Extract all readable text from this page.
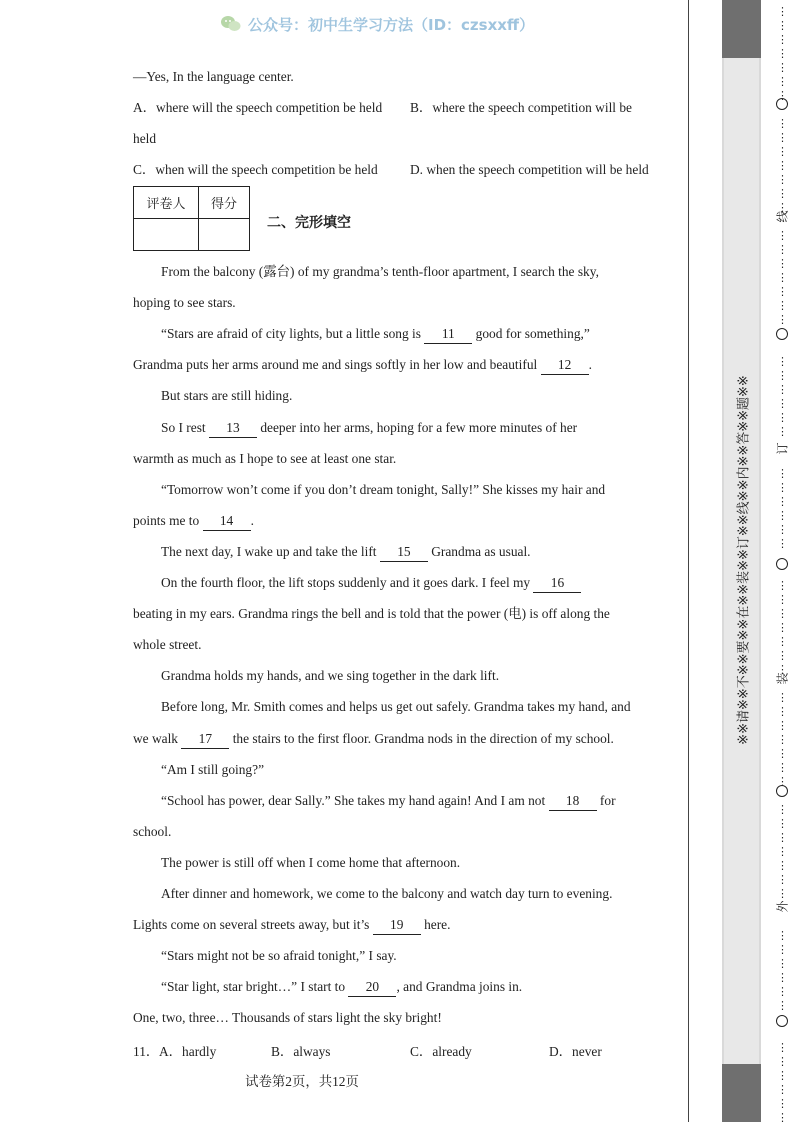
公众号：初中生学习方法（ID：czsxxff）
—Yes, In the language center.
A．where will the speech competition be held B．where the speech competition will be
held
C．when will the speech competition be held D. when the speech competition will be held
评卷人	得分

二、完形填空
From the balcony (露台) of my grandma’s tenth-floor apartment, I search the sky,
hoping to see stars.
“Stars are afraid of city lights, but a little song is 11 good for something,”
Grandma puts her arms around me and sings softly in her low and beautiful 12 .
But stars are still hiding.
So I rest 13 deeper into her arms, hoping for a few more minutes of her
warmth as much as I hope to see at least one star.
“Tomorrow won’t come if you don’t dream tonight, Sally!” She kisses my hair and
points me to 14 .
The next day, I wake up and take the lift 15 Grandma as usual.
On the fourth floor, the lift stops suddenly and it goes dark. I feel my 16
beating in my ears. Grandma rings the bell and is told that the power (电) is off along the
whole street.
Grandma holds my hands, and we sing together in the dark lift.
Before long, Mr. Smith comes and helps us get out safely. Grandma takes my hand, and
we walk 17 the stairs to the first floor. Grandma nods in the direction of my school.
“Am I still going?”
“School has power, dear Sally.” She takes my hand again! And I am not 18 for
school.
The power is still off when I come home that afternoon.
After dinner and homework, we come to the balcony and watch day turn to evening.
Lights come on several streets away, but it’s 19 here.
“Stars might not be so afraid tonight,” I say.
“Star light, star bright…” I start to 20 , and Grandma joins in.
One, two, three… Thousands of stars light the sky bright!
11． A．hardly	B．always	C．already	D．never
试卷第2页，共12页
※※请※※不※※要※※在※※装※※订※※线※※内※※答※※题※※
⋮
⋮
⋮
⋮
⋮
⋮
⋮
⋮
⋮
⋮
⋮
⋮
⋮
⋮
⋮
⋮
⋮
⋮
⋮
⋮
⋮
⋮
⋮
⋮
⋮
⋮
⋮
⋮
⋮
⋮
⋮
⋮
⋮
⋮
⋮
⋮
⋮
⋮
⋮
⋮
⋮
⋮
⋮
⋮
⋮
⋮
⋮
⋮
⋮
⋮
⋮
⋮
⋮
⋮
⋮
⋮
⋮
⋮
⋮
⋮
⋮
⋮
⋮
⋮
⋮
⋮
线
订
装
外
